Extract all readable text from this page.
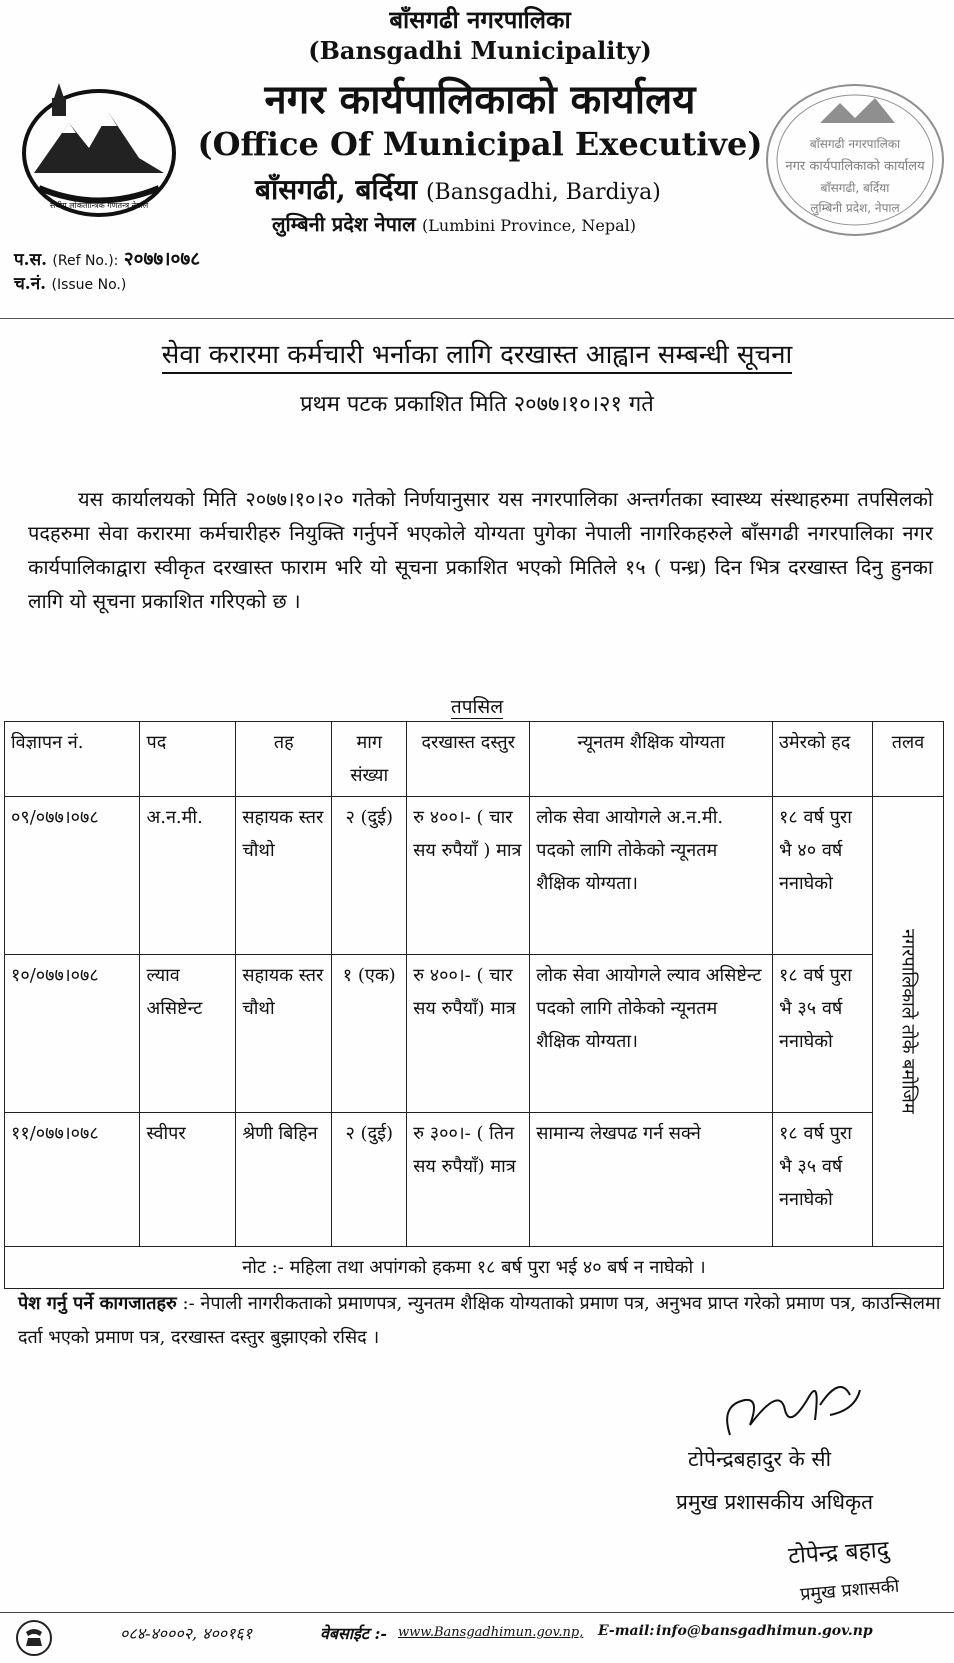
संघीय लोकतान्त्रिक गणतन्त्र नेपाल
बाँसगढी नगरपालिका
(Bansgadhi Municipality)
नगर कार्यपालिकाको कार्यालय
(Office Of Municipal Executive)
बाँसगढी, बर्दिया (Bansgadhi, Bardiya)
लुम्बिनी प्रदेश नेपाल (Lumbini Province, Nepal)
बाँसगढी नगरपालिका
नगर कार्यपालिकाको कार्यालय
बाँसगढी, बर्दिया
लुम्बिनी प्रदेश, नेपाल
प.स. (Ref No.): २०७७।०७८
च.नं. (Issue No.)
सेवा करारमा कर्मचारी भर्नाका लागि दरखास्त आह्वान सम्बन्धी सूचना
प्रथम पटक प्रकाशित मिति २०७७।१०।२१ गते
यस कार्यालयको मिति २०७७।१०।२० गतेको निर्णयानुसार यस नगरपालिका अन्तर्गतका स्वास्थ्य संस्थाहरुमा तपसिलको पदहरुमा सेवा करारमा कर्मचारीहरु नियुक्ति गर्नुपर्ने भएकोले योग्यता पुगेका नेपाली नागरिकहरुले बाँसगढी नगरपालिका नगर कार्यपालिकाद्वारा स्वीकृत दरखास्त फाराम भरि यो सूचना प्रकाशित भएको मितिले १५ ( पन्ध्र) दिन भित्र दरखास्त दिनु हुनका लागि यो सूचना प्रकाशित गरिएको छ ।
तपसिल
विज्ञापन नं.	पद	तह	माग संख्या	दरखास्त दस्तुर	न्यूनतम शैक्षिक योग्यता	उमेरको हद	तलव
०९/०७७।०७८	अ.न.मी.	सहायक स्तर चौथो	२ (दुई)	रु ४००।- ( चार सय रुपैयाँ ) मात्र	लोक सेवा आयोगले अ.न.मी. पदको लागि तोकेको न्यूनतम शैक्षिक योग्यता।	१८ वर्ष पुरा भै ४० वर्ष ननाघेको	नगरपालिकाले तोके बमोजिम
१०/०७७।०७८	ल्याव असिष्टेन्ट	सहायक स्तर चौथो	१ (एक)	रु ४००।- ( चार सय रुपैयाँ) मात्र	लोक सेवा आयोगले ल्याव असिष्टेन्ट पदको लागि तोकेको न्यूनतम शैक्षिक योग्यता।	१८ वर्ष पुरा भै ३५ वर्ष ननाघेको	
११/०७७।०७८	स्वीपर	श्रेणी बिहिन	२ (दुई)	रु ३००।- ( तिन सय रुपैयाँ) मात्र	सामान्य लेखपढ गर्न सक्ने	१८ वर्ष पुरा भै ३५ वर्ष ननाघेको	
नोट :- महिला तथा अपांगको हकमा १८ बर्ष पुरा भई ४० बर्ष न नाघेको ।							
पेश गर्नु पर्ने कागजातहरु :- नेपाली नागरीकताको प्रमाणपत्र, न्युनतम शैक्षिक योग्यताको प्रमाण पत्र, अनुभव प्राप्त गरेको प्रमाण पत्र, काउन्सिलमा दर्ता भएको प्रमाण पत्र, दरखास्त दस्तुर बुझाएको रसिद ।
टोपेन्द्रबहादुर के सी
प्रमुख प्रशासकीय अधिकृत
टोपेन्द्र बहादु
प्रमुख प्रशासकी
०८४-४०००२, ४००१६१	वेबसाईट :- www.Bansgadhimun.gov.np, E-mail: info@bansgadhimun.gov.np
